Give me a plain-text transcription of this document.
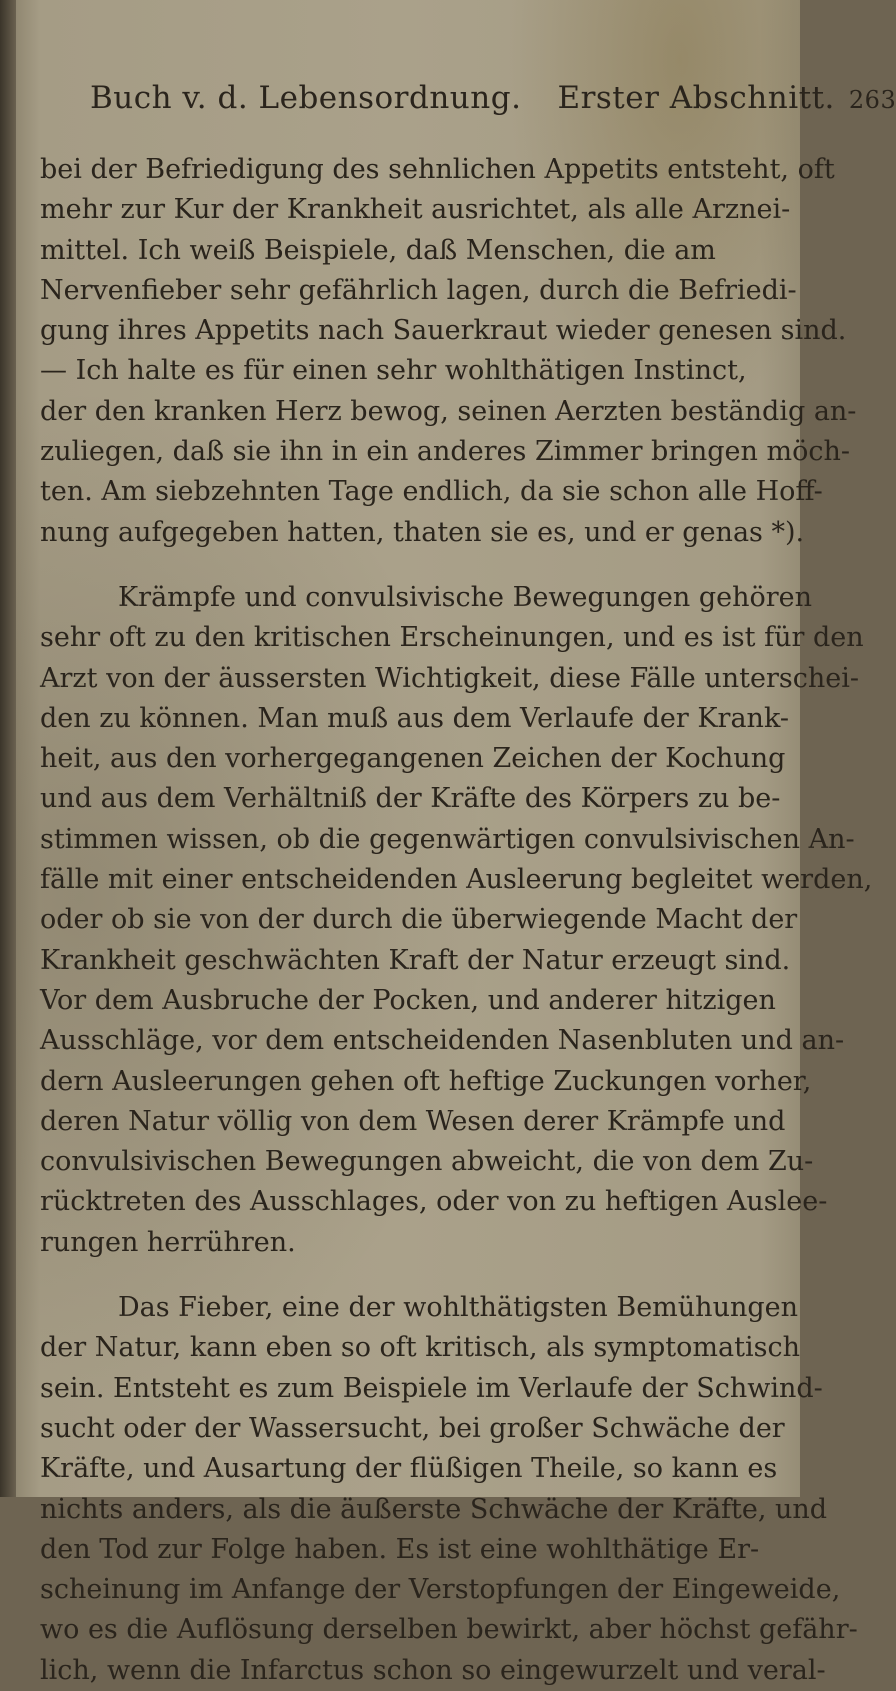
Buch v. d. Lebensordnung. Erster Abschnitt. 263
bei der Befriedigung des sehnlichen Appetits entsteht, oft
mehr zur Kur der Krankheit ausrichtet, als alle Arznei-
mittel. Ich weiß Beispiele, daß Menschen, die am
Nervenfieber sehr gefährlich lagen, durch die Befriedi-
gung ihres Appetits nach Sauerkraut wieder genesen sind.
— Ich halte es für einen sehr wohlthätigen Instinct,
der den kranken Herz bewog, seinen Aerzten beständig an-
zuliegen, daß sie ihn in ein anderes Zimmer bringen möch-
ten. Am siebzehnten Tage endlich, da sie schon alle Hoff-
nung aufgegeben hatten, thaten sie es, und er genas *).
Krämpfe und convulsivische Bewegungen gehören
sehr oft zu den kritischen Erscheinungen, und es ist für den
Arzt von der äussersten Wichtigkeit, diese Fälle unterschei-
den zu können. Man muß aus dem Verlaufe der Krank-
heit, aus den vorhergegangenen Zeichen der Kochung
und aus dem Verhältniß der Kräfte des Körpers zu be-
stimmen wissen, ob die gegenwärtigen convulsivischen An-
fälle mit einer entscheidenden Ausleerung begleitet werden,
oder ob sie von der durch die überwiegende Macht der
Krankheit geschwächten Kraft der Natur erzeugt sind.
Vor dem Ausbruche der Pocken, und anderer hitzigen
Ausschläge, vor dem entscheidenden Nasenbluten und an-
dern Ausleerungen gehen oft heftige Zuckungen vorher,
deren Natur völlig von dem Wesen derer Krämpfe und
convulsivischen Bewegungen abweicht, die von dem Zu-
rücktreten des Ausschlages, oder von zu heftigen Auslee-
rungen herrühren.
Das Fieber, eine der wohlthätigsten Bemühungen
der Natur, kann eben so oft kritisch, als symptomatisch
sein. Entsteht es zum Beispiele im Verlaufe der Schwind-
sucht oder der Wassersucht, bei großer Schwäche der
Kräfte, und Ausartung der flüßigen Theile, so kann es
nichts anders, als die äußerste Schwäche der Kräfte, und
den Tod zur Folge haben. Es ist eine wohlthätige Er-
scheinung im Anfange der Verstopfungen der Eingeweide,
wo es die Auflösung derselben bewirkt, aber höchst gefähr-
lich, wenn die Infarctus schon so eingewurzelt und veral-
